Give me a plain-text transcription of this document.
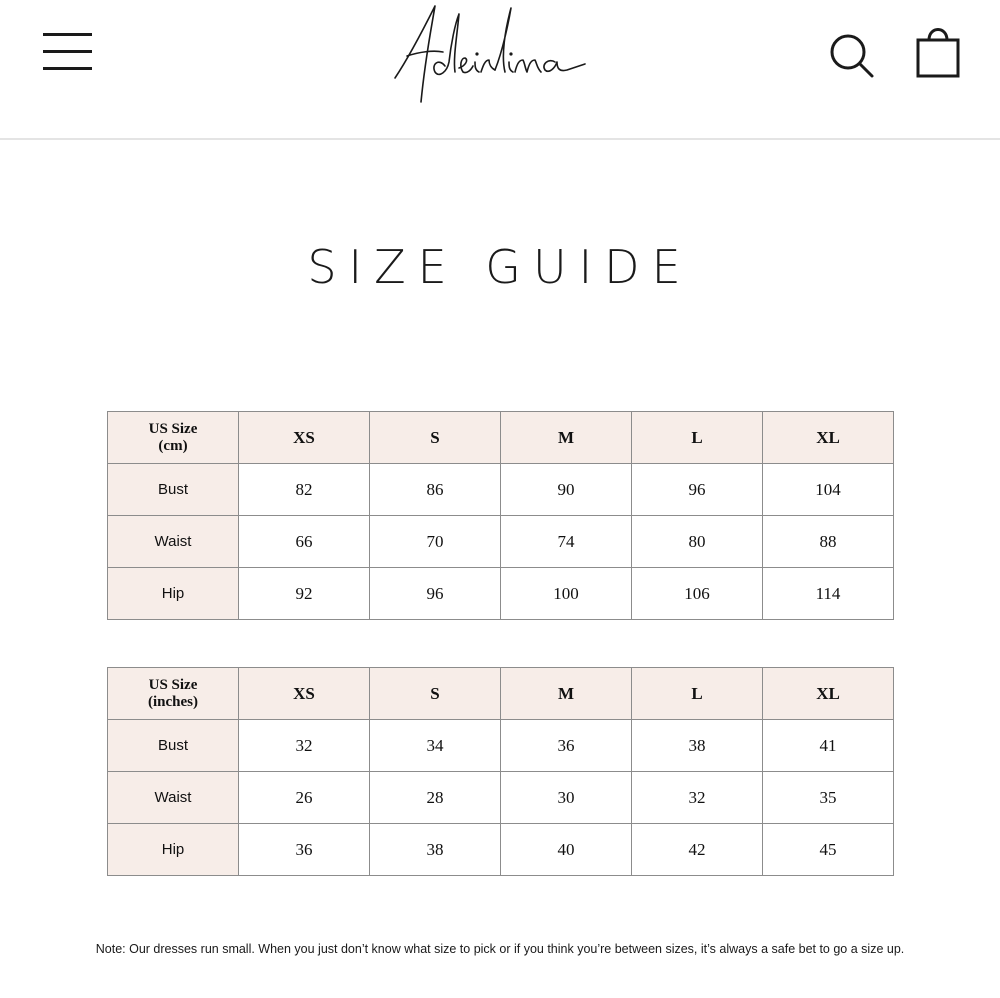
SIZE GUIDE
US Size
(cm)	XS	S	M	L	XL
Bust	82	86	90	96	104
Waist	66	70	74	80	88
Hip	92	96	100	106	114
US Size
(inches)	XS	S	M	L	XL
Bust	32	34	36	38	41
Waist	26	28	30	32	35
Hip	36	38	40	42	45

Note: Our dresses run small. When you just don’t know what size to pick or if you think you’re between sizes, it’s always a safe bet to go a size up.
